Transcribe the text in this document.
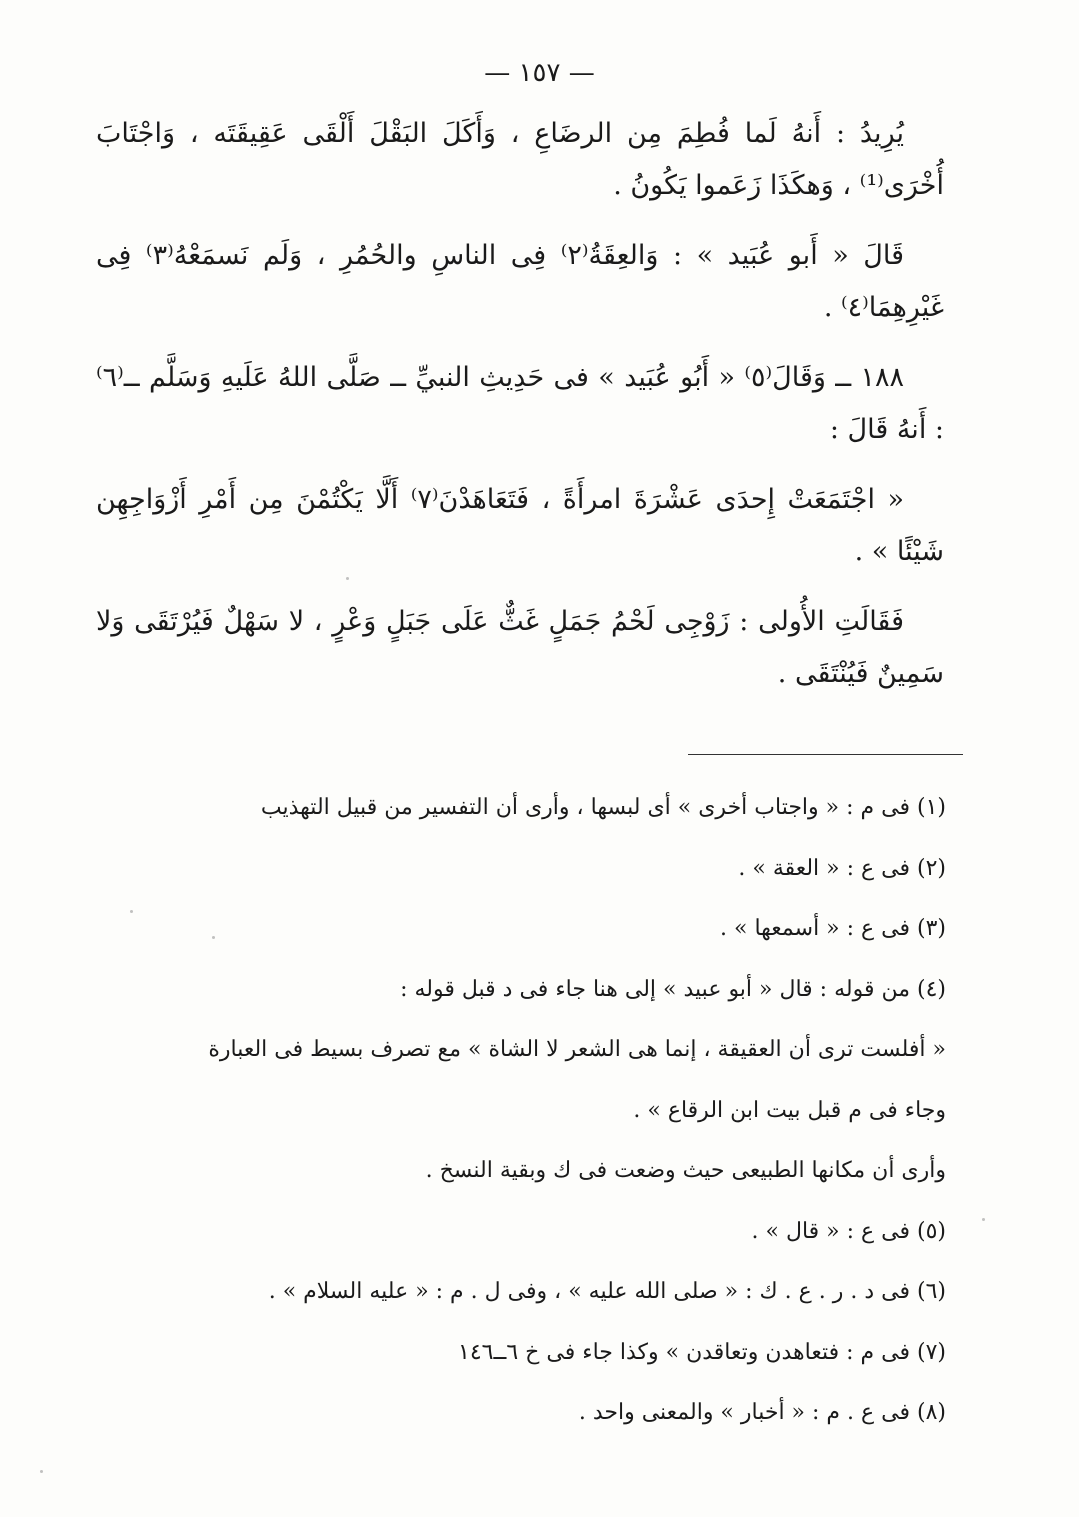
— ١٥٧ —

يُرِيدُ : أَنهُ لَما فُطِمَ مِن الرضَاعِ ، وَأَكَلَ البَقْلَ أَلْقَى عَقِيقَتَه ، وَاجْتَابَ أُخْرَى⁽¹⁾ ، وَهكَذَا زَعَموا يَكُونُ .

قَالَ « أَبو عُبَيد » : وَالعِقَةُ⁽٢⁾ فِى الناسِ والحُمُرِ ، وَلَم نَسمَعْهُ⁽٣⁾ فِى غَيْرِهِمَا⁽٤⁾ .

١٨٨ ــ وَقَالَ⁽٥⁾ « أَبُو عُبَيد » فى حَدِيثِ النبيِّ ــ صَلَّى اللهُ عَلَيهِ وَسَلَّم ــ⁽٦⁾ : أَنهُ قَالَ :

« اجْتَمَعَتْ إِحدَى عَشْرَةَ امرأَةً ، فَتَعَاهَدْنَ⁽٧⁾ أَلَّا يَكْتُمْنَ مِن أَمْرِ أَزْوَاجِهِن شَيْئًا » .

فَقَالَتِ الأُولى : زَوْجِى لَحْمُ جَمَلٍ غَثٌّ عَلَى جَبَلٍ وَعْرٍ ، لا سَهْلٌ فَيُرْتَقَى وَلا سَمِينٌ فَيُنْتَقَى .

(١) فى م : « واجتاب أخرى » أى لبسها ، وأرى أن التفسير من قبيل التهذيب

(٢) فى ع : « العقة » .

(٣) فى ع : « أسمعها » .

(٤) من قوله : قال « أبو عبيد » إلى هنا جاء فى د قبل قوله :

« أفلست ترى أن العقيقة ، إنما هى الشعر لا الشاة » مع تصرف بسيط فى العبارة

وجاء فى م قبل بيت ابن الرقاع » .

وأرى أن مكانها الطبيعى حيث وضعت فى ك وبقية النسخ .

(٥) فى ع : « قال » .

(٦) فى د . ر . ع . ك : « صلى الله عليه » ، وفى ل . م : « عليه السلام » .

(٧) فى م : فتعاهدن وتعاقدن » وكذا جاء فى خ ٦ــ١٤٦

(٨) فى ع . م : « أخبار » والمعنى واحد .
